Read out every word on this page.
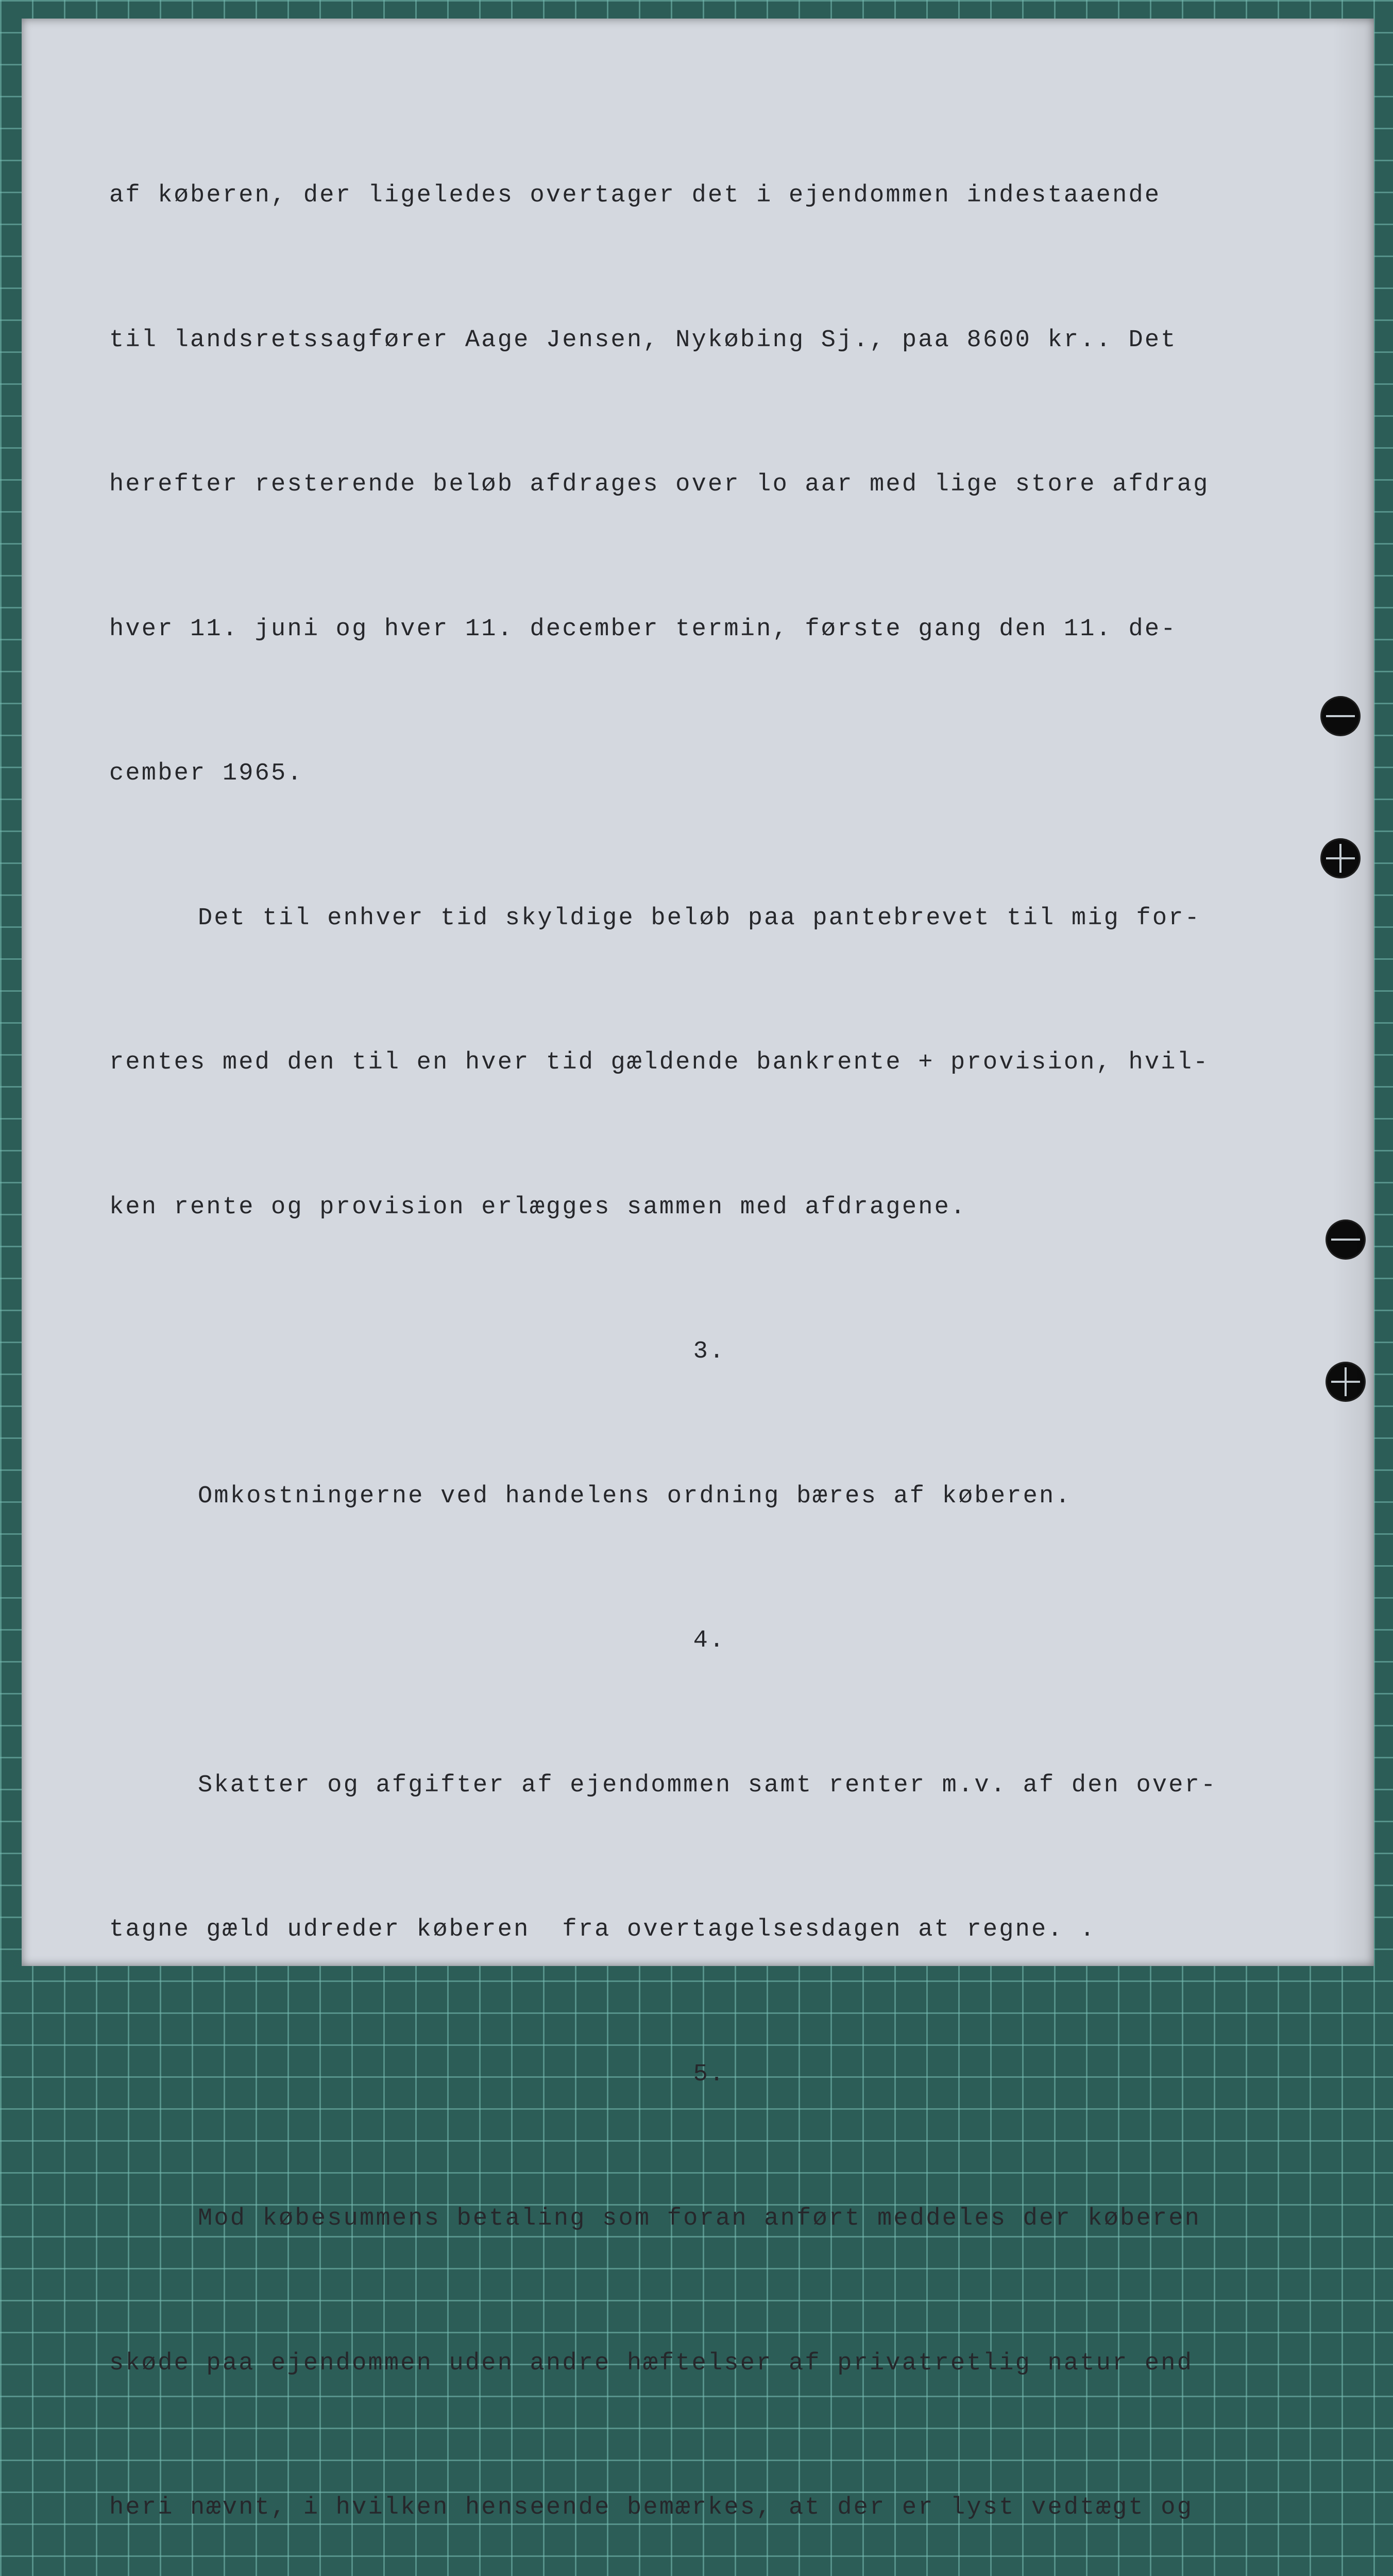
af køberen, der ligeledes overtager det i ejendommen indestaaende

til landsretssagfører Aage Jensen, Nykøbing Sj., paa 8600 kr.. Det

herefter resterende beløb afdrages over lo aar med lige store afdrag

hver 11. juni og hver 11. december termin, første gang den 11. de-

cember 1965.

Det til enhver tid skyldige beløb paa pantebrevet til mig for-

rentes med den til en hver tid gældende bankrente + provision, hvil-

ken rente og provision erlægges sammen med afdragene.

3.

Omkostningerne ved handelens ordning bæres af køberen.

4.

Skatter og afgifter af ejendommen samt renter m.v. af den over-

tagne gæld udreder køberen  fra overtagelsesdagen at regne. .

5.

Mod købesummens betaling som foran anført meddeles der køberen

skøde paa ejendommen uden andre hæftelser af privatretlig natur end

heri nævnt, i hvilken henseende bemærkes, at der er lyst vedtægt og
